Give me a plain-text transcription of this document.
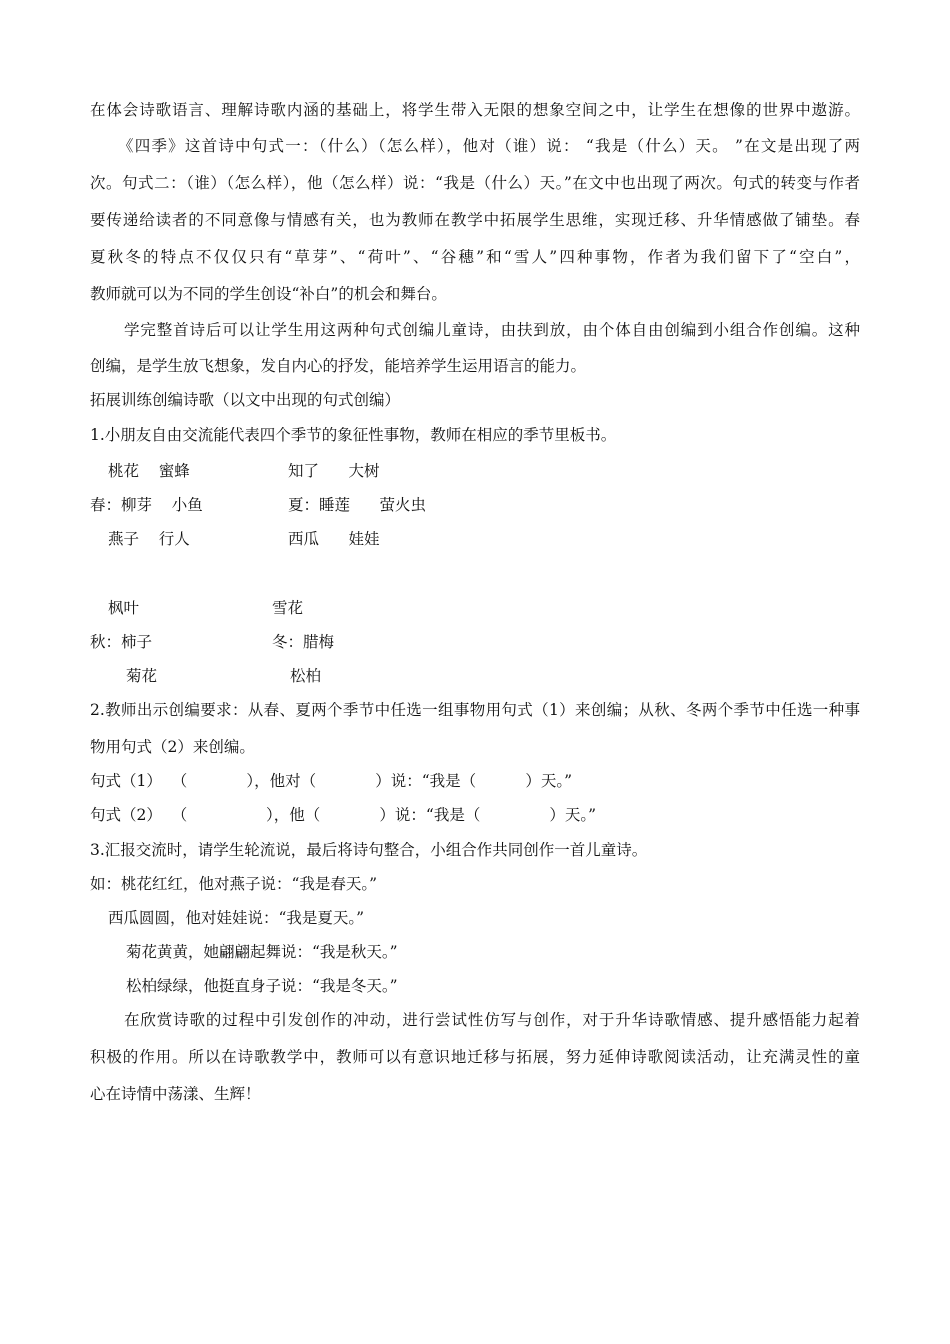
在体会诗歌语言、理解诗歌内涵的基础上，将学生带入无限的想象空间之中，让学生在想像的世界中遨游。
《四季》这首诗中句式一：（什么）（怎么样），他对（谁）说： “我是（什么）天。 ”在文是出现了两
次。句式二：（谁）（怎么样），他（怎么样）说：“我是（什么）天。”在文中也出现了两次。句式的转变与作者
要传递给读者的不同意像与情感有关，也为教师在教学中拓展学生思维，实现迁移、升华情感做了铺垫。春
夏秋冬的特点不仅仅只有“草芽”、“荷叶”、“谷穗”和“雪人”四种事物，作者为我们留下了“空白”，
教师就可以为不同的学生创设“补白”的机会和舞台。
学完整首诗后可以让学生用这两种句式创编儿童诗，由扶到放，由个体自由创编到小组合作创编。这种
创编，是学生放飞想象，发自内心的抒发，能培养学生运用语言的能力。
拓展训练创编诗歌（以文中出现的句式创编）
1.小朋友自由交流能代表四个季节的象征性事物，教师在相应的季节里板书。
桃花    蜜蜂
春：柳芽    小鱼
燕子    行人
知了      大树
夏：睡莲      萤火虫
西瓜      娃娃
枫叶
秋：柿子
菊花
雪花
冬：腊梅
松柏
2.教师出示创编要求：从春、夏两个季节中任选一组事物用句式（1）来创编；从秋、冬两个季节中任选一种事
物用句式（2）来创编。
句式（1）  （            ），他对（            ）说：“我是（          ）天。”
句式（2）  （                ），他（            ）说：“我是（              ）天。”
3.汇报交流时，请学生轮流说，最后将诗句整合，小组合作共同创作一首儿童诗。
如：桃花红红，他对燕子说：“我是春天。”
西瓜圆圆，他对娃娃说：“我是夏天。”
菊花黄黄，她翩翩起舞说：“我是秋天。”
松柏绿绿，他挺直身子说：“我是冬天。”
在欣赏诗歌的过程中引发创作的冲动，进行尝试性仿写与创作，对于升华诗歌情感、提升感悟能力起着
积极的作用。所以在诗歌教学中，教师可以有意识地迁移与拓展，努力延伸诗歌阅读活动，让充满灵性的童
心在诗情中荡漾、生辉！
